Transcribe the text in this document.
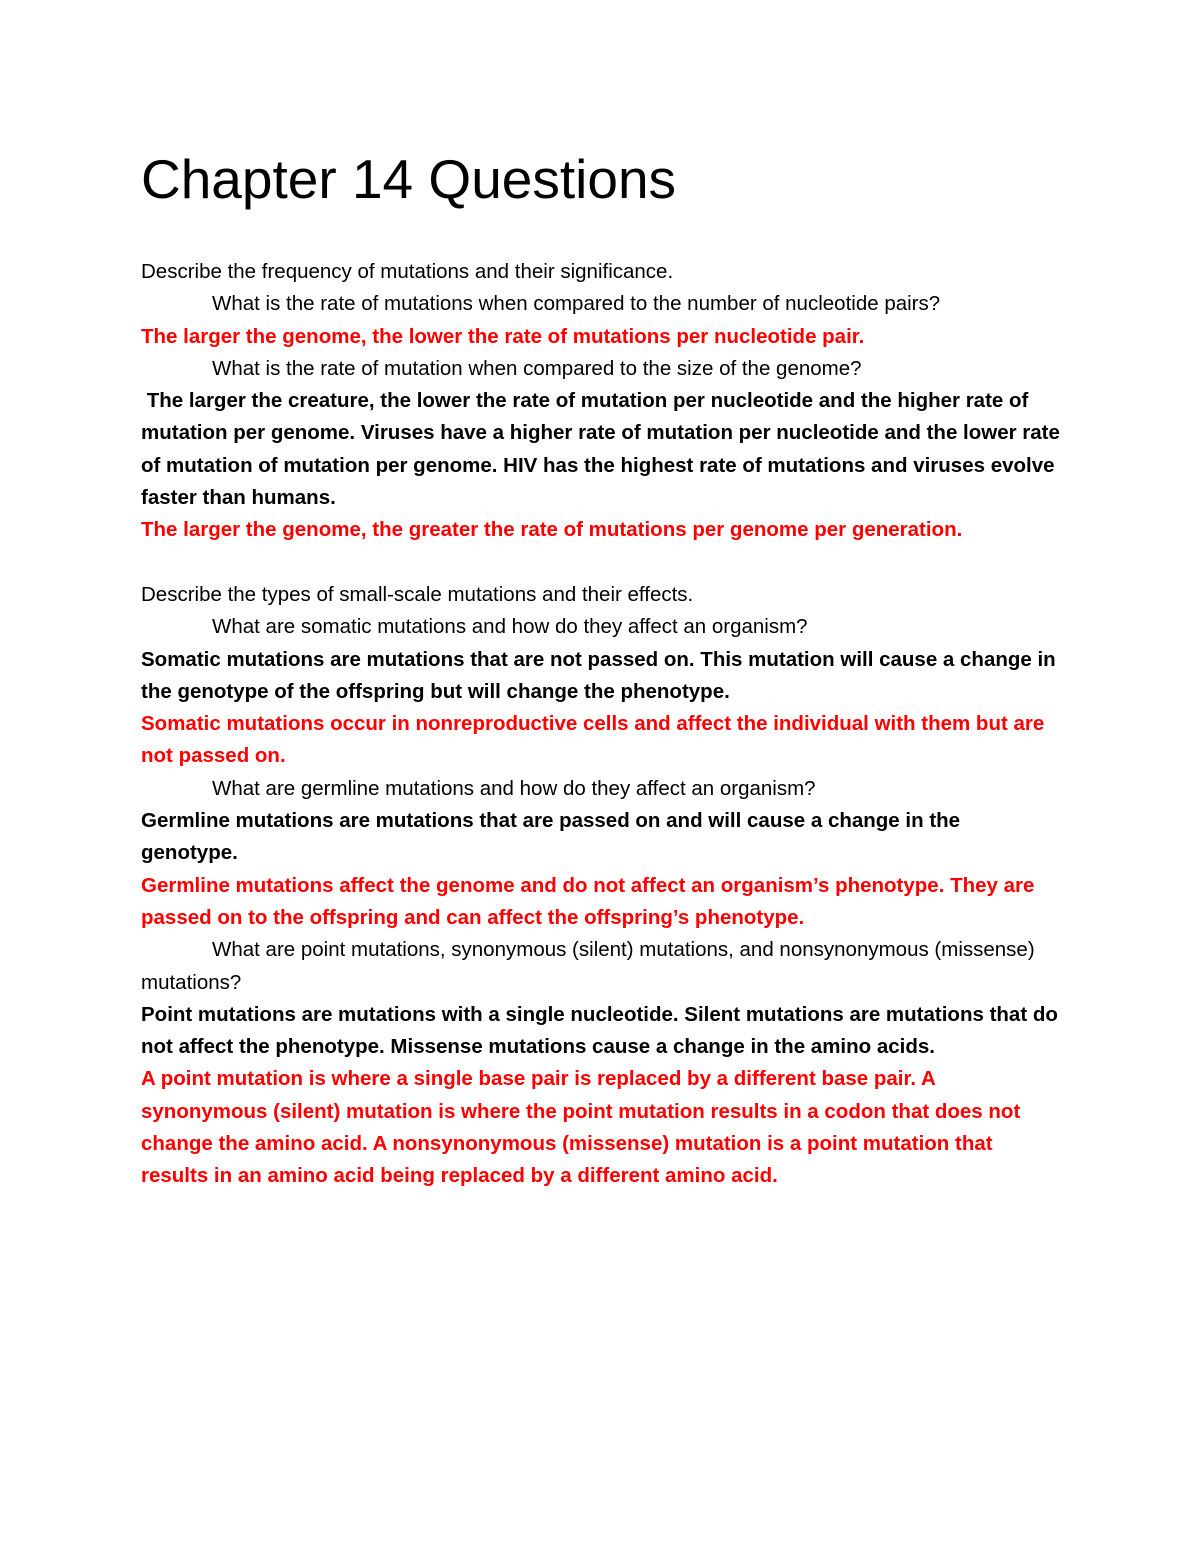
Chapter 14 Questions

Describe the frequency of mutations and their significance.

What is the rate of mutations when compared to the number of nucleotide pairs?

The larger the genome, the lower the rate of mutations per nucleotide pair.

What is the rate of mutation when compared to the size of the genome?

The larger the creature, the lower the rate of mutation per nucleotide and the higher rate of mutation per genome. Viruses have a higher rate of mutation per nucleotide and the lower rate of mutation of mutation per genome. HIV has the highest rate of mutations and viruses evolve faster than humans.

The larger the genome, the greater the rate of mutations per genome per generation.

Describe the types of small-scale mutations and their effects.

What are somatic mutations and how do they affect an organism?

Somatic mutations are mutations that are not passed on. This mutation will cause a change in the genotype of the offspring but will change the phenotype.

Somatic mutations occur in nonreproductive cells and affect the individual with them but are not passed on.

What are germline mutations and how do they affect an organism?

Germline mutations are mutations that are passed on and will cause a change in the genotype.

Germline mutations affect the genome and do not affect an organism’s phenotype. They are passed on to the offspring and can affect the offspring’s phenotype.

What are point mutations, synonymous (silent) mutations, and nonsynonymous (missense) mutations?

Point mutations are mutations with a single nucleotide. Silent mutations are mutations that do not affect the phenotype. Missense mutations cause a change in the amino acids.

A point mutation is where a single base pair is replaced by a different base pair. A synonymous (silent) mutation is where the point mutation results in a codon that does not change the amino acid. A nonsynonymous (missense) mutation is a point mutation that results in an amino acid being replaced by a different amino acid.
